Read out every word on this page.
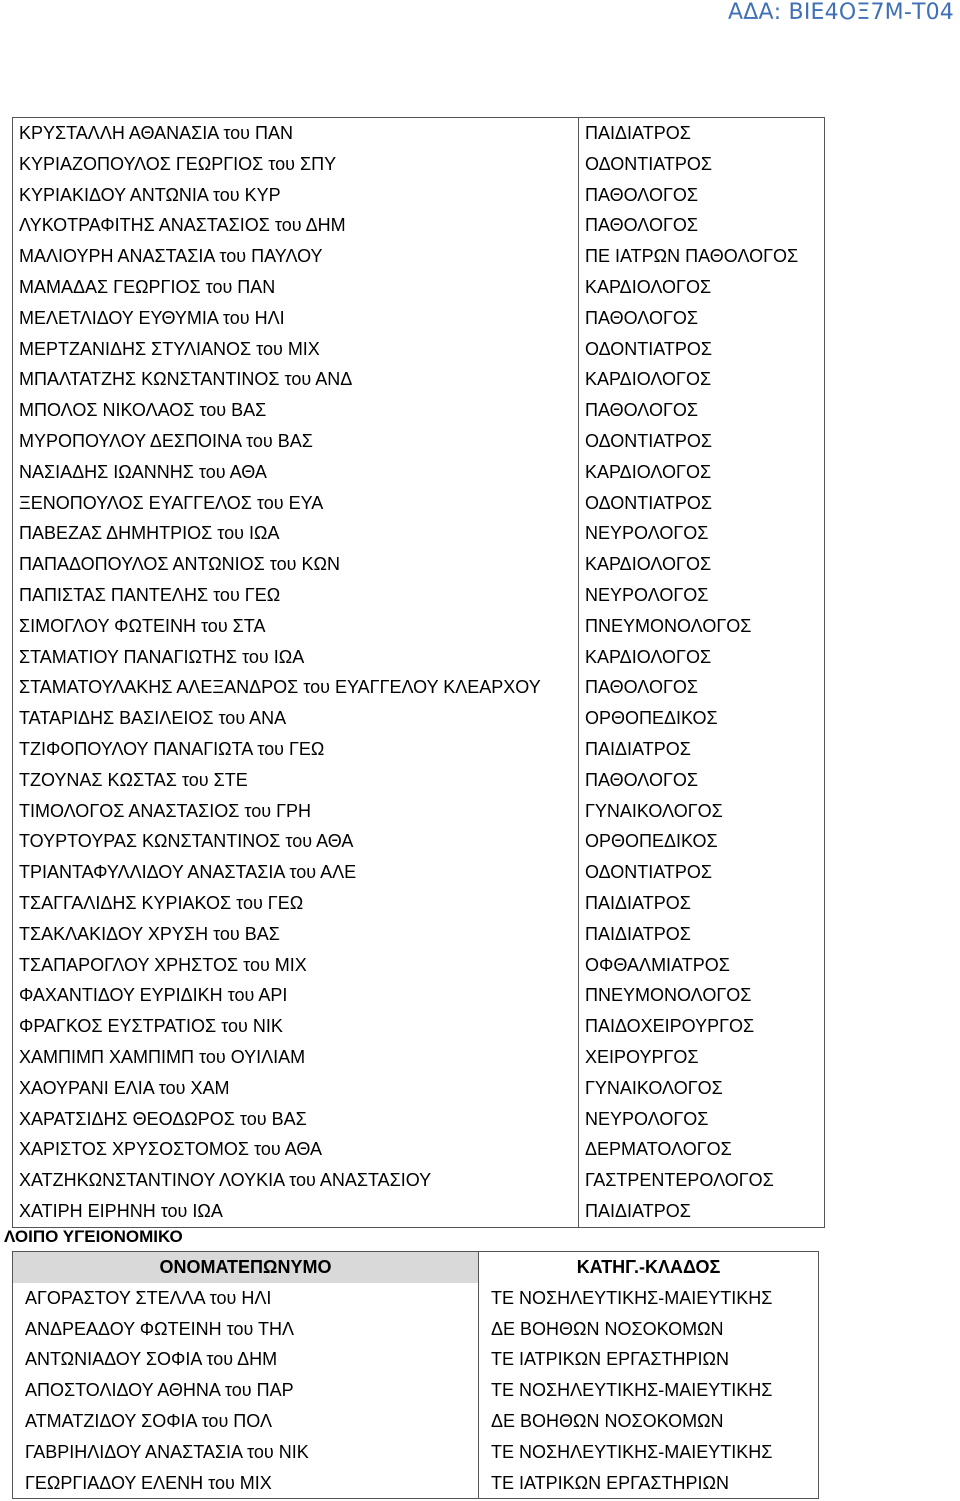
ΑΔΑ: ΒΙΕ4ΟΞ7Μ-Τ04
ΚΡΥΣΤΑΛΛΗ ΑΘΑΝΑΣΙΑ του ΠΑΝ	ΠΑΙΔΙΑΤΡΟΣ
ΚΥΡΙΑΖΟΠΟΥΛΟΣ ΓΕΩΡΓΙΟΣ του ΣΠΥ	ΟΔΟΝΤΙΑΤΡΟΣ
ΚΥΡΙΑΚΙΔΟΥ ΑΝΤΩΝΙΑ του ΚΥΡ	ΠΑΘΟΛΟΓΟΣ
ΛΥΚΟΤΡΑΦΙΤΗΣ ΑΝΑΣΤΑΣΙΟΣ του ΔΗΜ	ΠΑΘΟΛΟΓΟΣ
ΜΑΛΙΟΥΡΗ ΑΝΑΣΤΑΣΙΑ του ΠΑΥΛΟΥ	ΠΕ ΙΑΤΡΩΝ ΠΑΘΟΛΟΓΟΣ
ΜΑΜΑΔΑΣ ΓΕΩΡΓΙΟΣ του ΠΑΝ	ΚΑΡΔΙΟΛΟΓΟΣ
ΜΕΛΕΤΛΙΔΟΥ ΕΥΘΥΜΙΑ του ΗΛΙ	ΠΑΘΟΛΟΓΟΣ
ΜΕΡΤΖΑΝΙΔΗΣ ΣΤΥΛΙΑΝΟΣ του ΜΙΧ	ΟΔΟΝΤΙΑΤΡΟΣ
ΜΠΑΛΤΑΤΖΗΣ ΚΩΝΣΤΑΝΤΙΝΟΣ του ΑΝΔ	ΚΑΡΔΙΟΛΟΓΟΣ
ΜΠΟΛΟΣ ΝΙΚΟΛΑΟΣ του ΒΑΣ	ΠΑΘΟΛΟΓΟΣ
ΜΥΡΟΠΟΥΛΟΥ ΔΕΣΠΟΙΝΑ του ΒΑΣ	ΟΔΟΝΤΙΑΤΡΟΣ
ΝΑΣΙΑΔΗΣ ΙΩΑΝΝΗΣ του ΑΘΑ	ΚΑΡΔΙΟΛΟΓΟΣ
ΞΕΝΟΠΟΥΛΟΣ ΕΥΑΓΓΕΛΟΣ του ΕΥΑ	ΟΔΟΝΤΙΑΤΡΟΣ
ΠΑΒΕΖΑΣ ΔΗΜΗΤΡΙΟΣ του ΙΩΑ	ΝΕΥΡΟΛΟΓΟΣ
ΠΑΠΑΔΟΠΟΥΛΟΣ ΑΝΤΩΝΙΟΣ του ΚΩΝ	ΚΑΡΔΙΟΛΟΓΟΣ
ΠΑΠΙΣΤΑΣ ΠΑΝΤΕΛΗΣ του ΓΕΩ	ΝΕΥΡΟΛΟΓΟΣ
ΣΙΜΟΓΛΟΥ ΦΩΤΕΙΝΗ του ΣΤΑ	ΠΝΕΥΜΟΝΟΛΟΓΟΣ
ΣΤΑΜΑΤΙΟΥ ΠΑΝΑΓΙΩΤΗΣ του ΙΩΑ	ΚΑΡΔΙΟΛΟΓΟΣ
ΣΤΑΜΑΤΟΥΛΑΚΗΣ ΑΛΕΞΑΝΔΡΟΣ του ΕΥΑΓΓΕΛΟΥ ΚΛΕΑΡΧΟΥ	ΠΑΘΟΛΟΓΟΣ
ΤΑΤΑΡΙΔΗΣ ΒΑΣΙΛΕΙΟΣ του ΑΝΑ	ΟΡΘΟΠΕΔΙΚΟΣ
ΤΖΙΦΟΠΟΥΛΟΥ ΠΑΝΑΓΙΩΤΑ του ΓΕΩ	ΠΑΙΔΙΑΤΡΟΣ
ΤΖΟΥΝΑΣ ΚΩΣΤΑΣ του ΣΤΕ	ΠΑΘΟΛΟΓΟΣ
ΤΙΜΟΛΟΓΟΣ ΑΝΑΣΤΑΣΙΟΣ του ΓΡΗ	ΓΥΝΑΙΚΟΛΟΓΟΣ
ΤΟΥΡΤΟΥΡΑΣ ΚΩΝΣΤΑΝΤΙΝΟΣ του ΑΘΑ	ΟΡΘΟΠΕΔΙΚΟΣ
ΤΡΙΑΝΤΑΦΥΛΛΙΔΟΥ ΑΝΑΣΤΑΣΙΑ του ΑΛΕ	ΟΔΟΝΤΙΑΤΡΟΣ
ΤΣΑΓΓΑΛΙΔΗΣ ΚΥΡΙΑΚΟΣ του ΓΕΩ	ΠΑΙΔΙΑΤΡΟΣ
ΤΣΑΚΛΑΚΙΔΟΥ ΧΡΥΣΗ του ΒΑΣ	ΠΑΙΔΙΑΤΡΟΣ
ΤΣΑΠΑΡΟΓΛΟΥ ΧΡΗΣΤΟΣ του ΜΙΧ	ΟΦΘΑΛΜΙΑΤΡΟΣ
ΦΑΧΑΝΤΙΔΟΥ ΕΥΡΙΔΙΚΗ του ΑΡΙ	ΠΝΕΥΜΟΝΟΛΟΓΟΣ
ΦΡΑΓΚΟΣ ΕΥΣΤΡΑΤΙΟΣ του ΝΙΚ	ΠΑΙΔΟΧΕΙΡΟΥΡΓΟΣ
ΧΑΜΠΙΜΠ ΧΑΜΠΙΜΠ του ΟΥΙΛΙΑΜ	ΧΕΙΡΟΥΡΓΟΣ
ΧΑΟΥΡΑΝΙ ΕΛΙΑ του ΧΑΜ	ΓΥΝΑΙΚΟΛΟΓΟΣ
ΧΑΡΑΤΣΙΔΗΣ ΘΕΟΔΩΡΟΣ του ΒΑΣ	ΝΕΥΡΟΛΟΓΟΣ
ΧΑΡΙΣΤΟΣ ΧΡΥΣΟΣΤΟΜΟΣ του ΑΘΑ	ΔΕΡΜΑΤΟΛΟΓΟΣ
ΧΑΤΖΗΚΩΝΣΤΑΝΤΙΝΟΥ ΛΟΥΚΙΑ του ΑΝΑΣΤΑΣΙΟΥ	ΓΑΣΤΡΕΝΤΕΡΟΛΟΓΟΣ
ΧΑΤΙΡΗ ΕΙΡΗΝΗ του ΙΩΑ	ΠΑΙΔΙΑΤΡΟΣ
ΛΟΙΠΟ ΥΓΕΙΟΝΟΜΙΚΟ
ΟΝΟΜΑΤΕΠΩΝΥΜΟ	ΚΑΤΗΓ.-ΚΛΑΔΟΣ
ΑΓΟΡΑΣΤΟΥ ΣΤΕΛΛΑ του ΗΛΙ	ΤΕ ΝΟΣΗΛΕΥΤΙΚΗΣ-ΜΑΙΕΥΤΙΚΗΣ
ΑΝΔΡΕΑΔΟΥ ΦΩΤΕΙΝΗ του ΤΗΛ	ΔΕ ΒΟΗΘΩΝ ΝΟΣΟΚΟΜΩΝ
ΑΝΤΩΝΙΑΔΟΥ ΣΟΦΙΑ του ΔΗΜ	ΤΕ ΙΑΤΡΙΚΩΝ ΕΡΓΑΣΤΗΡΙΩΝ
ΑΠΟΣΤΟΛΙΔΟΥ ΑΘΗΝΑ του ΠΑΡ	ΤΕ ΝΟΣΗΛΕΥΤΙΚΗΣ-ΜΑΙΕΥΤΙΚΗΣ
ΑΤΜΑΤΖΙΔΟΥ ΣΟΦΙΑ του ΠΟΛ	ΔΕ ΒΟΗΘΩΝ ΝΟΣΟΚΟΜΩΝ
ΓΑΒΡΙΗΛΙΔΟΥ ΑΝΑΣΤΑΣΙΑ του ΝΙΚ	ΤΕ ΝΟΣΗΛΕΥΤΙΚΗΣ-ΜΑΙΕΥΤΙΚΗΣ
ΓΕΩΡΓΙΑΔΟΥ ΕΛΕΝΗ του ΜΙΧ	ΤΕ ΙΑΤΡΙΚΩΝ ΕΡΓΑΣΤΗΡΙΩΝ
